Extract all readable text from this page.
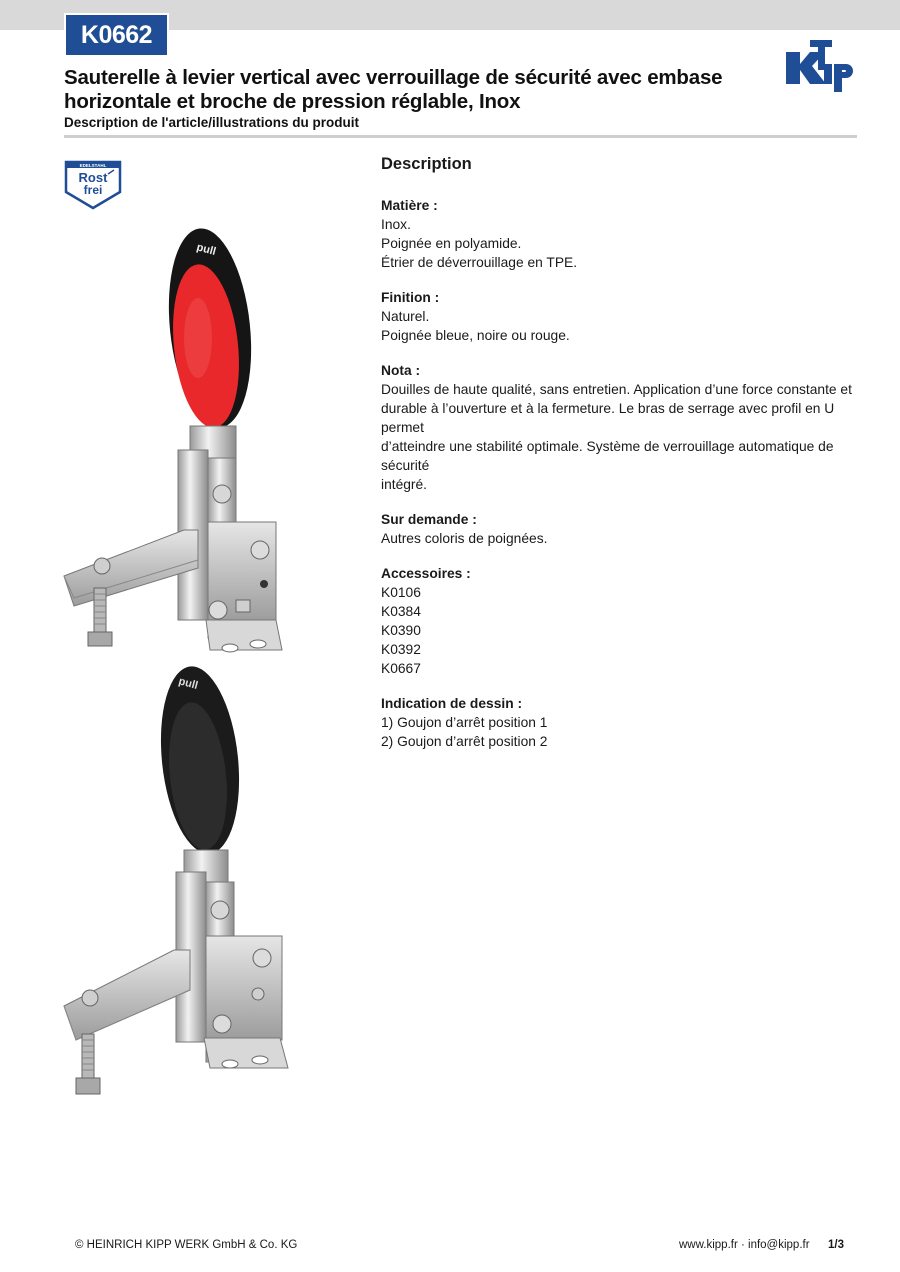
K0662
Sauterelle à levier vertical avec verrouillage de sécurité avec embase horizontale et broche de pression réglable, Inox

Description de l'article/illustrations du produit

EDELSTAHL
Rost
frei
pull
pull
Description
Matière :
Inox.
Poignée en polyamide.
Étrier de déverrouillage en TPE.
Finition :
Naturel.
Poignée bleue, noire ou rouge.
Nota :
Douilles de haute qualité, sans entretien. Application d’une force constante et
durable à l’ouverture et à la fermeture. Le bras de serrage avec profil en U permet
d’atteindre une stabilité optimale. Système de verrouillage automatique de sécurité
intégré.
Sur demande :
Autres coloris de poignées.
Accessoires :
K0106
K0384
K0390
K0392
K0667
Indication de dessin :
1) Goujon d’arrêt position 1
2) Goujon d’arrêt position 2
© HEINRICH KIPP WERK GmbH & Co. KG	www.kipp.fr · info@kipp.fr 1/3
